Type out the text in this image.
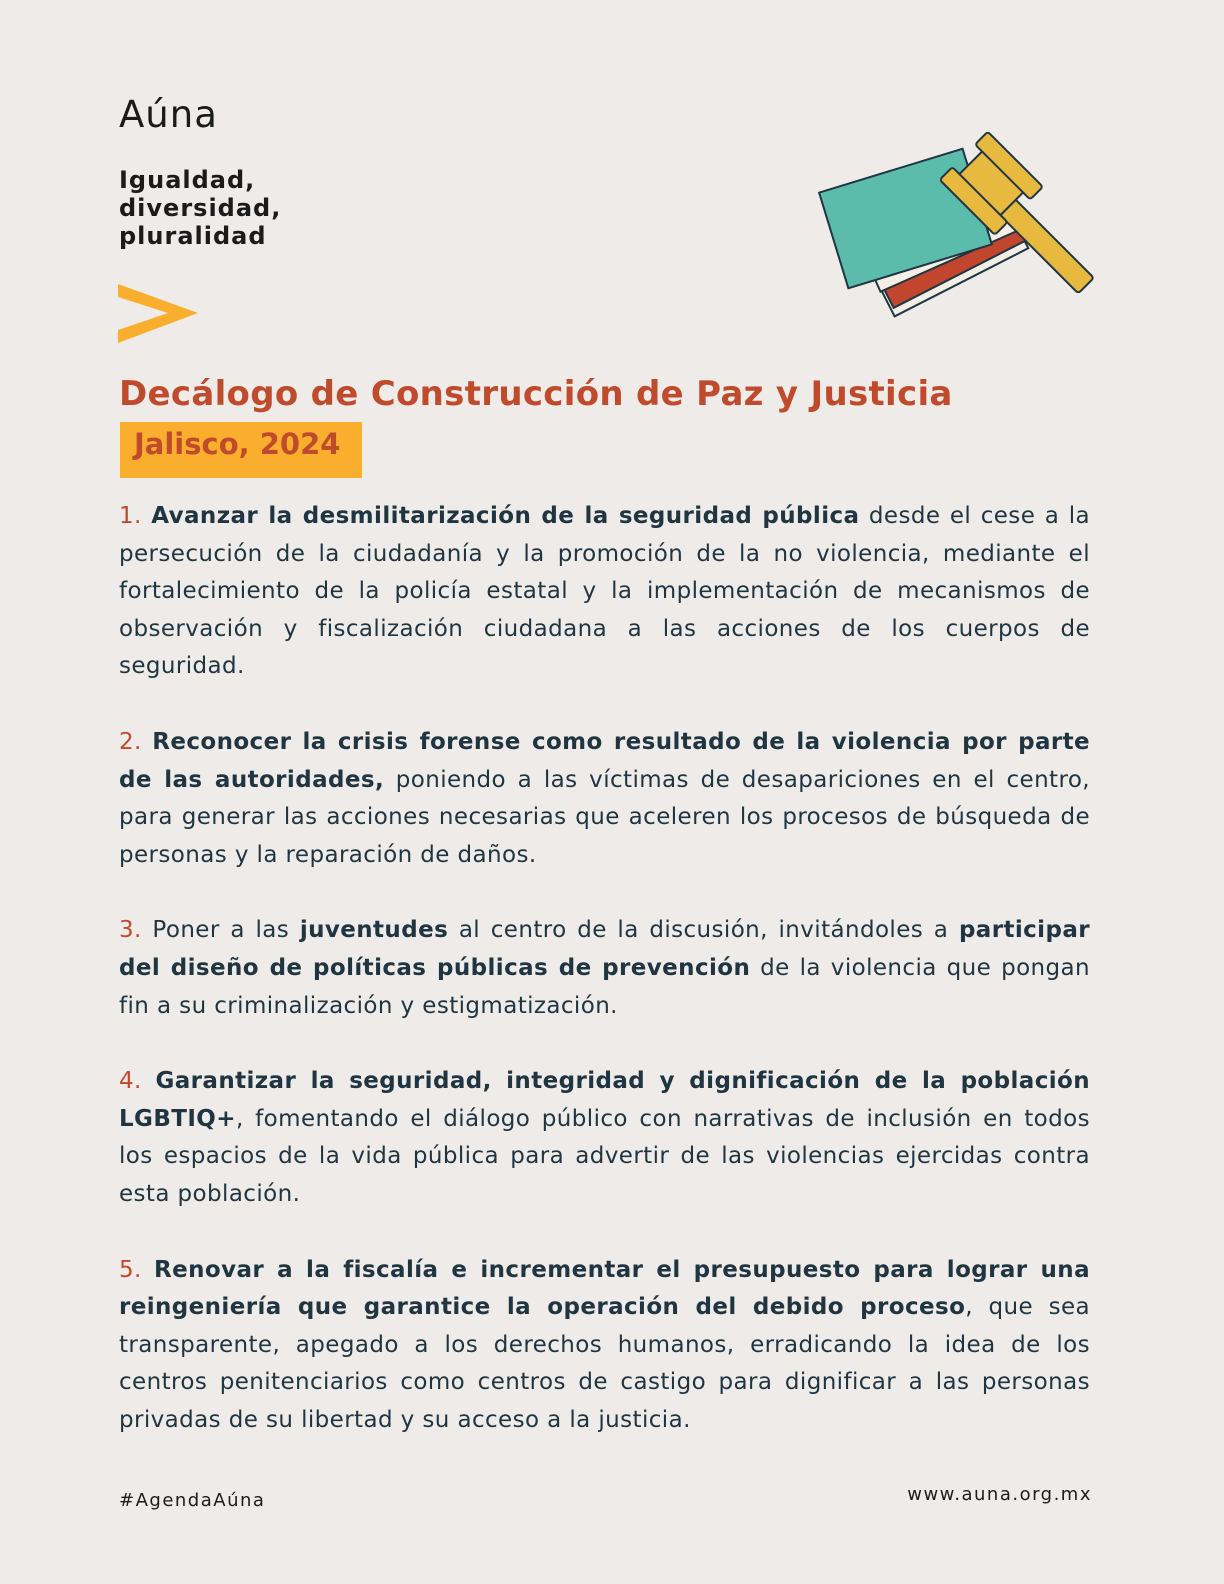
Aúna
Igualdad,
diversidad,
pluralidad
Decálogo de Construcción de Paz y Justicia
Jalisco, 2024

1. Avanzar la desmilitarización de la seguridad pública desde el cese a la persecución de la ciudadanía y la promoción de la no violencia, mediante el fortalecimiento de la policía estatal y la implementación de mecanismos de observación y fiscalización ciudadana a las acciones de los cuerpos de seguridad.

2. Reconocer la crisis forense como resultado de la violencia por parte de las autoridades, poniendo a las víctimas de desapariciones en el centro, para generar las acciones necesarias que aceleren los procesos de búsqueda de personas y la reparación de daños.

3. Poner a las juventudes al centro de la discusión, invitándoles a participar del diseño de políticas públicas de prevención de la violencia que pongan fin a su criminalización y estigmatización.

4. Garantizar la seguridad, integridad y dignificación de la población LGBTIQ+, fomentando el diálogo público con narrativas de inclusión en todos los espacios de la vida pública para advertir de las violencias ejercidas contra esta población.

5. Renovar a la fiscalía e incrementar el presupuesto para lograr una reingeniería que garantice la operación del debido proceso, que sea transparente, apegado a los derechos humanos, erradicando la idea de los centros penitenciarios como centros de castigo para dignificar a las personas privadas de su libertad y su acceso a la justicia.

#AgendaAúna	www.auna.org.mx
